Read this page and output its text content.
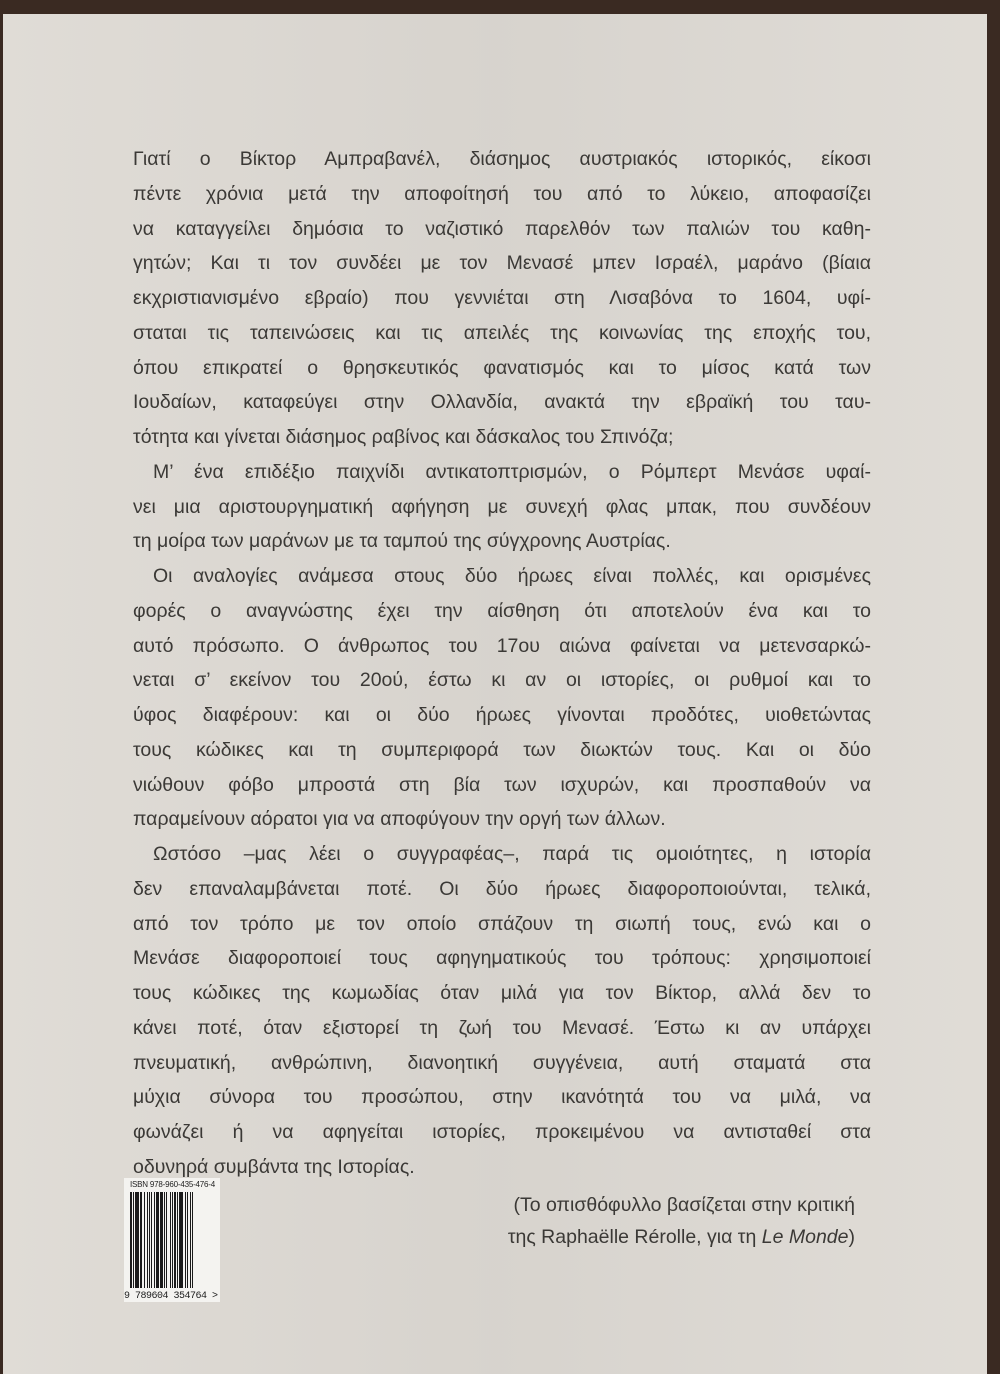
Γιατί ο Βίκτορ Αμπραβανέλ, διάσημος αυστριακός ιστορικός, είκοσι
πέντε χρόνια μετά την αποφοίτησή του από το λύκειο, αποφασίζει
να καταγγείλει δημόσια το ναζιστικό παρελθόν των παλιών του καθη-
γητών; Και τι τον συνδέει με τον Μενασέ μπεν Ισραέλ, μαράνο (βίαια
εκχριστιανισμένο εβραίο) που γεννιέται στη Λισαβόνα το 1604, υφί-
σταται τις ταπεινώσεις και τις απειλές της κοινωνίας της εποχής του,
όπου επικρατεί ο θρησκευτικός φανατισμός και το μίσος κατά των
Ιουδαίων, καταφεύγει στην Ολλανδία, ανακτά την εβραϊκή του ταυ-
τότητα και γίνεται διάσημος ραβίνος και δάσκαλος του Σπινόζα;
Μ’ ένα επιδέξιο παιχνίδι αντικατοπτρισμών, ο Ρόμπερτ Μενάσε υφαί-
νει μια αριστουργηματική αφήγηση με συνεχή φλας μπακ, που συνδέουν
τη μοίρα των μαράνων με τα ταμπού της σύγχρονης Αυστρίας.
Οι αναλογίες ανάμεσα στους δύο ήρωες είναι πολλές, και ορισμένες
φορές ο αναγνώστης έχει την αίσθηση ότι αποτελούν ένα και το
αυτό πρόσωπο. Ο άνθρωπος του 17ου αιώνα φαίνεται να μετενσαρκώ-
νεται σ’ εκείνον του 20ού, έστω κι αν οι ιστορίες, οι ρυθμοί και το
ύφος διαφέρουν: και οι δύο ήρωες γίνονται προδότες, υιοθετώντας
τους κώδικες και τη συμπεριφορά των διωκτών τους. Και οι δύο
νιώθουν φόβο μπροστά στη βία των ισχυρών, και προσπαθούν να
παραμείνουν αόρατοι για να αποφύγουν την οργή των άλλων.
Ωστόσο –μας λέει ο συγγραφέας–, παρά τις ομοιότητες, η ιστορία
δεν επαναλαμβάνεται ποτέ. Οι δύο ήρωες διαφοροποιούνται, τελικά,
από τον τρόπο με τον οποίο σπάζουν τη σιωπή τους, ενώ και ο
Μενάσε διαφοροποιεί τους αφηγηματικούς του τρόπους: χρησιμοποιεί
τους κώδικες της κωμωδίας όταν μιλά για τον Βίκτορ, αλλά δεν το
κάνει ποτέ, όταν εξιστορεί τη ζωή του Μενασέ. Έστω κι αν υπάρχει
πνευματική, ανθρώπινη, διανοητική συγγένεια, αυτή σταματά στα
μύχια σύνορα του προσώπου, στην ικανότητά του να μιλά, να
φωνάζει ή να αφηγείται ιστορίες, προκειμένου να αντισταθεί στα
οδυνηρά συμβάντα της Ιστορίας.
(Το οπισθόφυλλο βασίζεται στην κριτική
της Raphaëlle Rérolle, για τη Le Monde)
ISBN 978-960-435-476-4
9 789604 354764 >
